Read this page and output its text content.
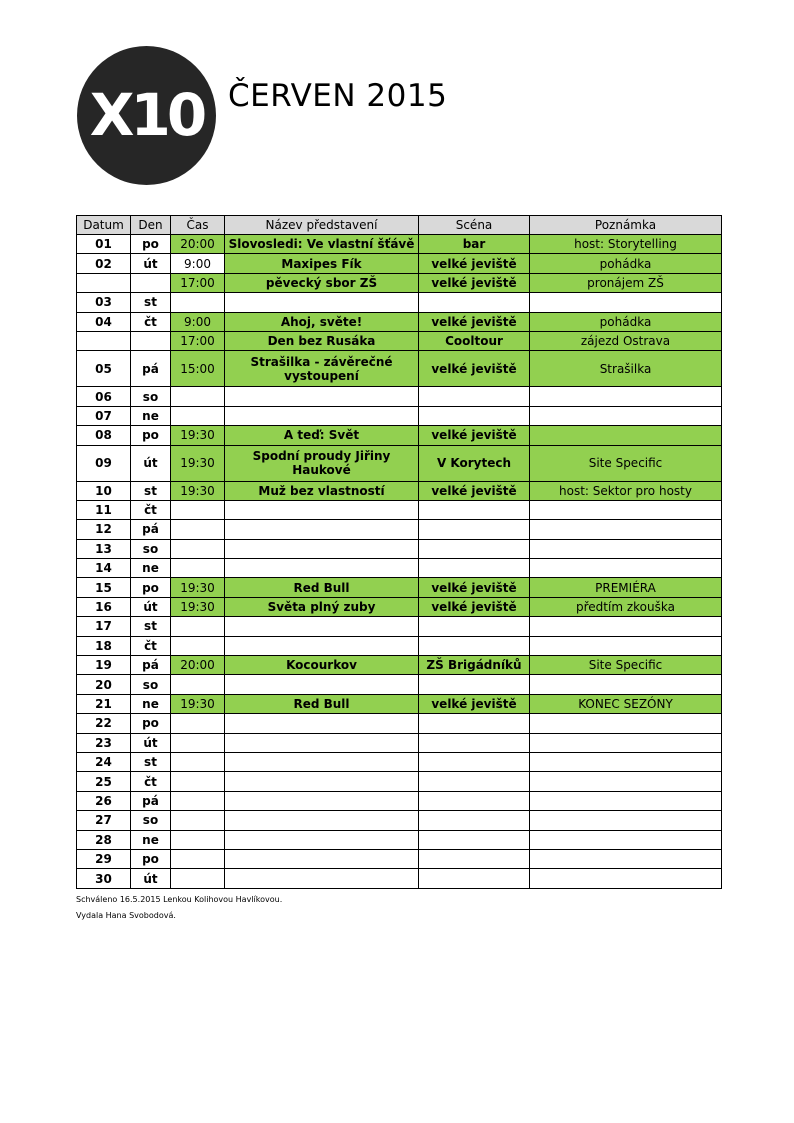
X10 ČERVEN 2015
Datum	Den	Čas	Název představení	Scéna	Poznámka
01	po	20:00	Slovosledi: Ve vlastní šťávě	bar	host: Storytelling
02	út	9:00	Maxipes Fík	velké jeviště	pohádka
		17:00	pěvecký sbor ZŠ	velké jeviště	pronájem ZŠ
03	st				
04	čt	9:00	Ahoj, světe!	velké jeviště	pohádka
		17:00	Den bez Rusáka	Cooltour	zájezd Ostrava
05	pá	15:00	Strašilka - závěrečné vystoupení	velké jeviště	Strašilka
06	so				
07	ne				
08	po	19:30	A teď: Svět	velké jeviště	
09	út	19:30	Spodní proudy Jiřiny Haukové	V Korytech	Site Specific
10	st	19:30	Muž bez vlastností	velké jeviště	host: Sektor pro hosty
11	čt				
12	pá				
13	so				
14	ne				
15	po	19:30	Red Bull	velké jeviště	PREMIÉRA
16	út	19:30	Světa plný zuby	velké jeviště	předtím zkouška
17	st				
18	čt				
19	pá	20:00	Kocourkov	ZŠ Brigádníků	Site Specific
20	so				
21	ne	19:30	Red Bull	velké jeviště	KONEC SEZÓNY
22	po				
23	út				
24	st				
25	čt				
26	pá				
27	so				
28	ne				
29	po				
30	út				
Schváleno 16.5.2015 Lenkou Kolihovou Havlíkovou.
Vydala Hana Svobodová.
